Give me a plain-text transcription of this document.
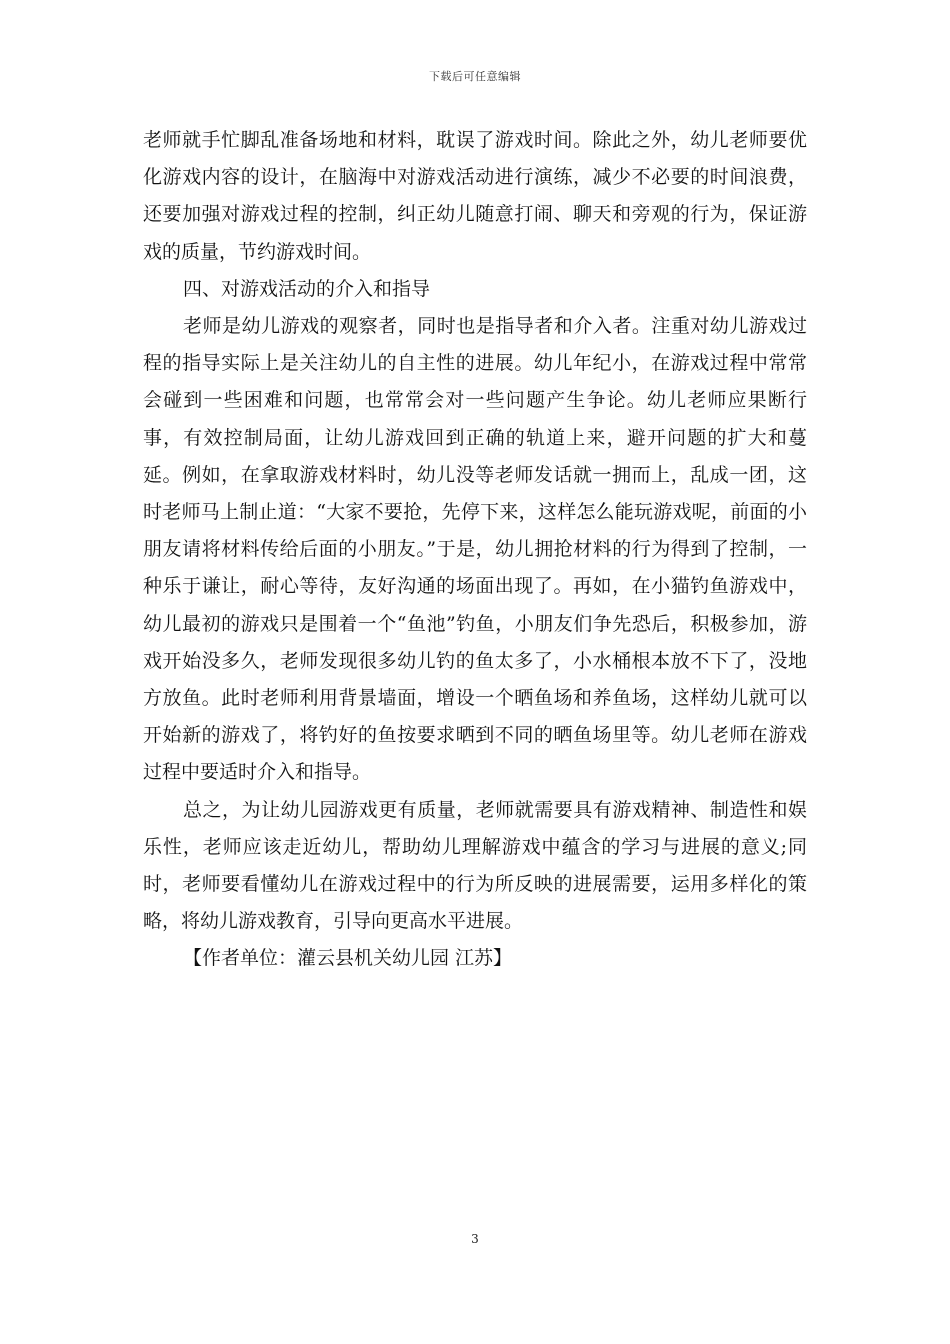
下载后可任意编辑

老师就手忙脚乱准备场地和材料，耽误了游戏时间。除此之外，幼儿老师要优化游戏内容的设计，在脑海中对游戏活动进行演练，减少不必要的时间浪费，还要加强对游戏过程的控制，纠正幼儿随意打闹、聊天和旁观的行为，保证游戏的质量，节约游戏时间。

四、对游戏活动的介入和指导

老师是幼儿游戏的观察者，同时也是指导者和介入者。注重对幼儿游戏过程的指导实际上是关注幼儿的自主性的进展。幼儿年纪小，在游戏过程中常常会碰到一些困难和问题，也常常会对一些问题产生争论。幼儿老师应果断行事，有效控制局面，让幼儿游戏回到正确的轨道上来，避开问题的扩大和蔓延。例如，在拿取游戏材料时，幼儿没等老师发话就一拥而上，乱成一团，这时老师马上制止道：“大家不要抢，先停下来，这样怎么能玩游戏呢，前面的小朋友请将材料传给后面的小朋友。”于是，幼儿拥抢材料的行为得到了控制，一种乐于谦让，耐心等待，友好沟通的场面出现了。再如，在小猫钓鱼游戏中，幼儿最初的游戏只是围着一个“鱼池”钓鱼，小朋友们争先恐后，积极参加，游戏开始没多久，老师发现很多幼儿钓的鱼太多了，小水桶根本放不下了，没地方放鱼。此时老师利用背景墙面，增设一个晒鱼场和养鱼场，这样幼儿就可以开始新的游戏了，将钓好的鱼按要求晒到不同的晒鱼场里等。幼儿老师在游戏过程中要适时介入和指导。

总之，为让幼儿园游戏更有质量，老师就需要具有游戏精神、制造性和娱乐性，老师应该走近幼儿，帮助幼儿理解游戏中蕴含的学习与进展的意义;同时，老师要看懂幼儿在游戏过程中的行为所反映的进展需要，运用多样化的策略，将幼儿游戏教育，引导向更高水平进展。

【作者单位：灌云县机关幼儿园 江苏】

3
